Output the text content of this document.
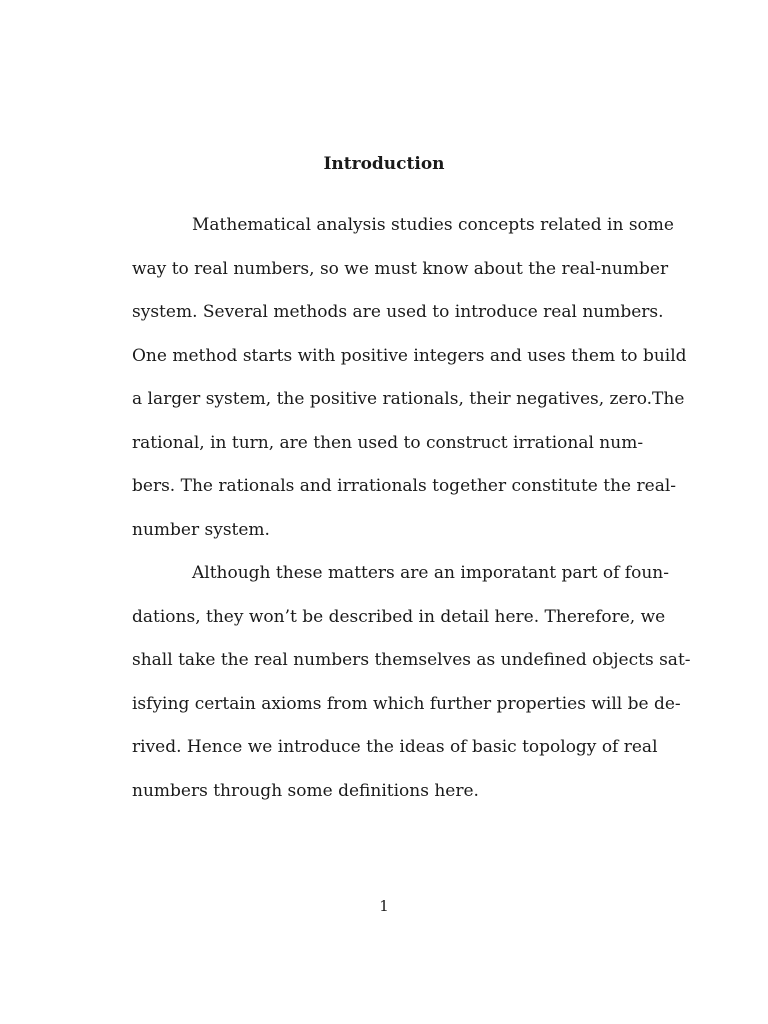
Introduction
Mathematical analysis studies concepts related in some
way to real numbers, so we must know about the real-number
system. Several methods are used to introduce real numbers.
One method starts with positive integers and uses them to build
a larger system, the positive rationals, their negatives, zero.The
rational, in turn, are then used to construct irrational num-
bers. The rationals and irrationals together constitute the real-
number system.
Although these matters are an imporatant part of foun-
dations, they won’t be described in detail here. Therefore, we
shall take the real numbers themselves as undefined objects sat-
isfying certain axioms from which further properties will be de-
rived. Hence we introduce the ideas of basic topology of real
numbers through some definitions here.
1
